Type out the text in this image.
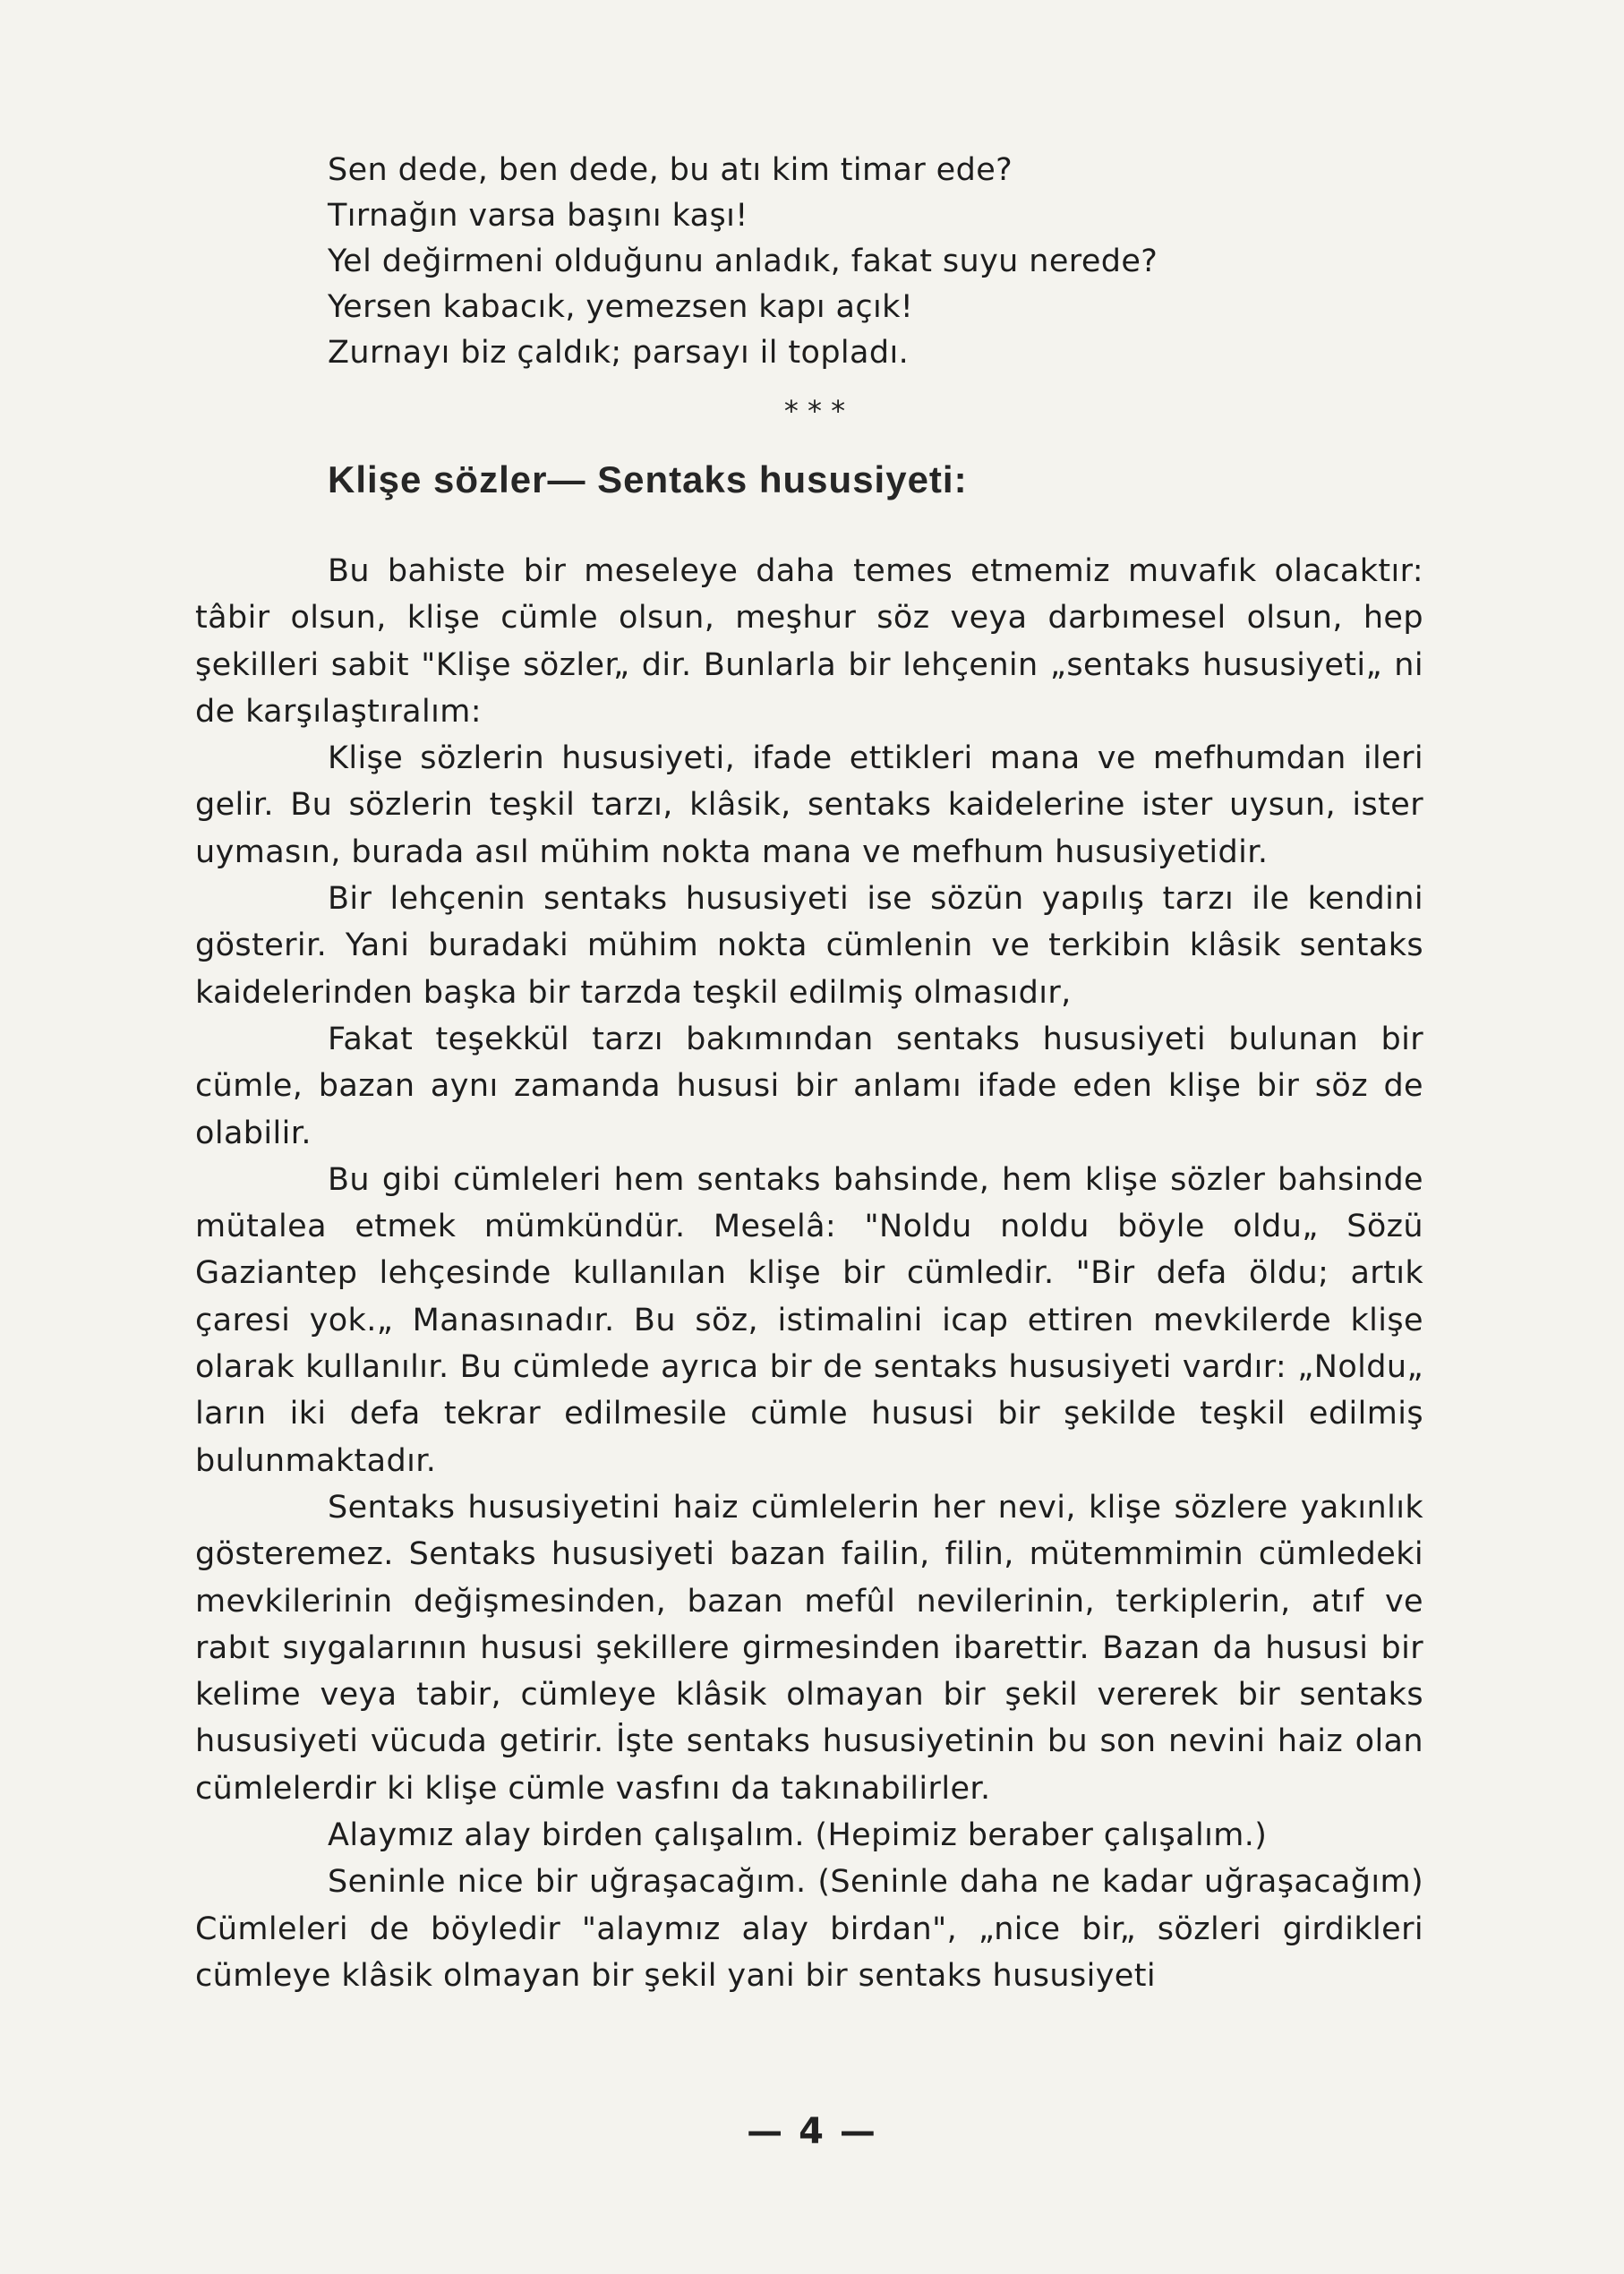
Sen dede, ben dede, bu atı kim timar ede?
Tırnağın varsa başını kaşı!
Yel değirmeni olduğunu anladık, fakat suyu nerede?
Yersen kabacık, yemezsen kapı açık!
Zurnayı biz çaldık; parsayı il topladı.
* * *
Klişe sözler— Sentaks hususiyeti:

Bu bahiste bir meseleye daha temes etmemiz muvafık olacaktır: tâbir olsun, klişe cümle olsun, meşhur söz veya darbımesel olsun, hep şekilleri sabit "Klişe sözler„ dir. Bunlarla bir lehçenin „sentaks hususiyeti„ ni de karşılaştıralım:

Klişe sözlerin hususiyeti, ifade ettikleri mana ve mefhumdan ileri gelir. Bu sözlerin teşkil tarzı, klâsik, sentaks kaidelerine ister uysun, ister uymasın, burada asıl mühim nokta mana ve mefhum hususiyetidir.

Bir lehçenin sentaks hususiyeti ise sözün yapılış tarzı ile kendini gösterir. Yani buradaki mühim nokta cümlenin ve terkibin klâsik sentaks kaidelerinden başka bir tarzda teşkil edilmiş olmasıdır,

Fakat teşekkül tarzı bakımından sentaks hususiyeti bulunan bir cümle, bazan aynı zamanda hususi bir anlamı ifade eden klişe bir söz de olabilir.

Bu gibi cümleleri hem sentaks bahsinde, hem klişe sözler bahsinde mütalea etmek mümkündür. Meselâ: "Noldu noldu böyle oldu„ Sözü Gaziantep lehçesinde kullanılan klişe bir cümledir. "Bir defa öldu; artık çaresi yok.„ Manasınadır. Bu söz, istimalini icap ettiren mevkilerde klişe olarak kullanılır. Bu cümlede ayrıca bir de sentaks hususiyeti vardır: „Noldu„ ların iki defa tekrar edilmesile cümle hususi bir şekilde teşkil edilmiş bulunmaktadır.

Sentaks hususiyetini haiz cümlelerin her nevi, klişe sözlere yakınlık gösteremez. Sentaks hususiyeti bazan failin, filin, mütemmimin cümledeki mevkilerinin değişmesinden, bazan mefûl nevilerinin, terkiplerin, atıf ve rabıt sıygalarının hususi şekillere girmesinden ibarettir. Bazan da hususi bir kelime veya tabir, cümleye klâsik olmayan bir şekil vererek bir sentaks hususiyeti vücuda getirir. İşte sentaks hususiyetinin bu son nevini haiz olan cümlelerdir ki klişe cümle vasfını da takınabilirler.

Alaymız alay birden çalışalım. (Hepimiz beraber çalışalım.)

Seninle nice bir uğraşacağım. (Seninle daha ne kadar uğraşacağım) Cümleleri de böyledir "alaymız alay birdan", „nice bir„ sözleri girdikleri cümleye klâsik olmayan bir şekil yani bir sentaks hususiyeti

— 4 —
